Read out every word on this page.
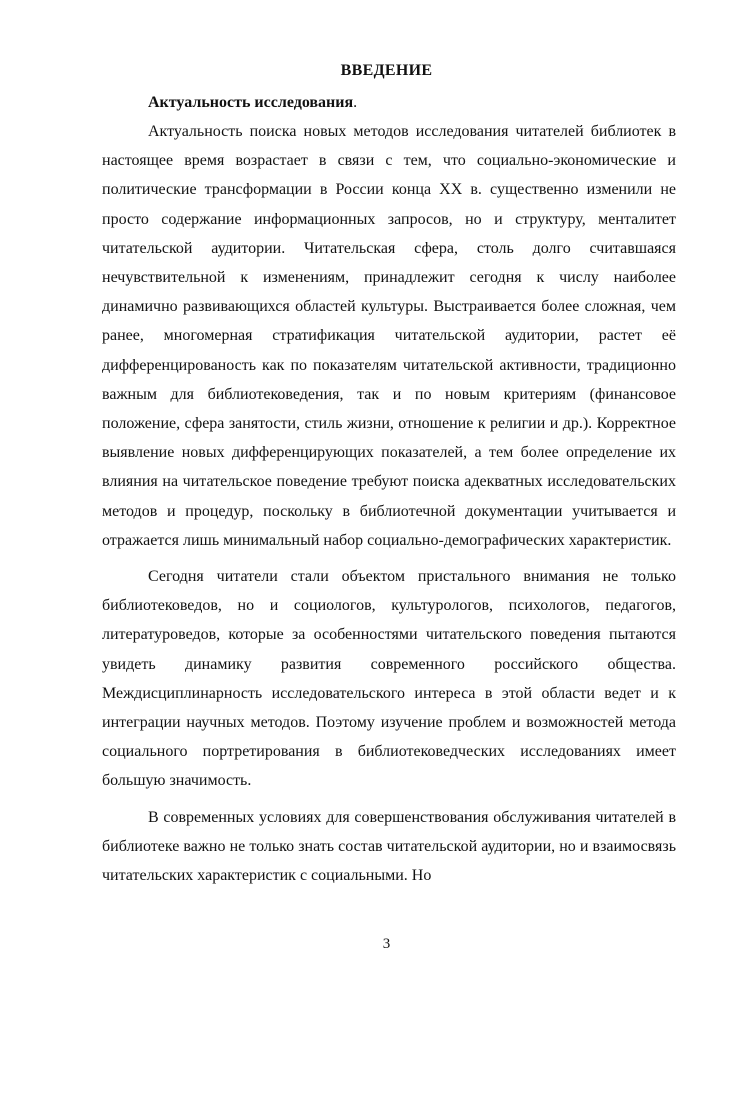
ВВЕДЕНИЕ
Актуальность исследования.

Актуальность поиска новых методов исследования читателей библиотек в настоящее время возрастает в связи с тем, что социально-экономические и политические трансформации в России конца XX в. существенно изменили не просто содержание информационных запросов, но и структуру, менталитет читательской аудитории. Читательская сфера, столь долго считавшаяся нечувствительной к изменениям, принадлежит сегодня к числу наиболее динамично развивающихся областей культуры. Выстраивается более сложная, чем ранее, многомерная стратификация читательской аудитории, растет её дифференцированость как по показателям читательской активности, традиционно важным для библиотековедения, так и по новым критериям (финансовое положение, сфера занятости, стиль жизни, отношение к религии и др.). Корректное выявление новых дифференцирующих показателей, а тем более определение их влияния на читательское поведение требуют поиска адекватных исследовательских методов и процедур, поскольку в библиотечной документации учитывается и отражается лишь минимальный набор социально-демографических характеристик.

Сегодня читатели стали объектом пристального внимания не только библиотековедов, но и социологов, культурологов, психологов, педагогов, литературоведов, которые за особенностями читательского поведения пытаются увидеть динамику развития современного российского общества. Междисциплинарность исследовательского интереса в этой области ведет и к интеграции научных методов. Поэтому изучение проблем и возможностей метода социального портретирования в библиотековедческих исследованиях имеет большую значимость.

В современных условиях для совершенствования обслуживания читателей в библиотеке важно не только знать состав читательской аудитории, но и взаимосвязь читательских характеристик с социальными. Но

3
